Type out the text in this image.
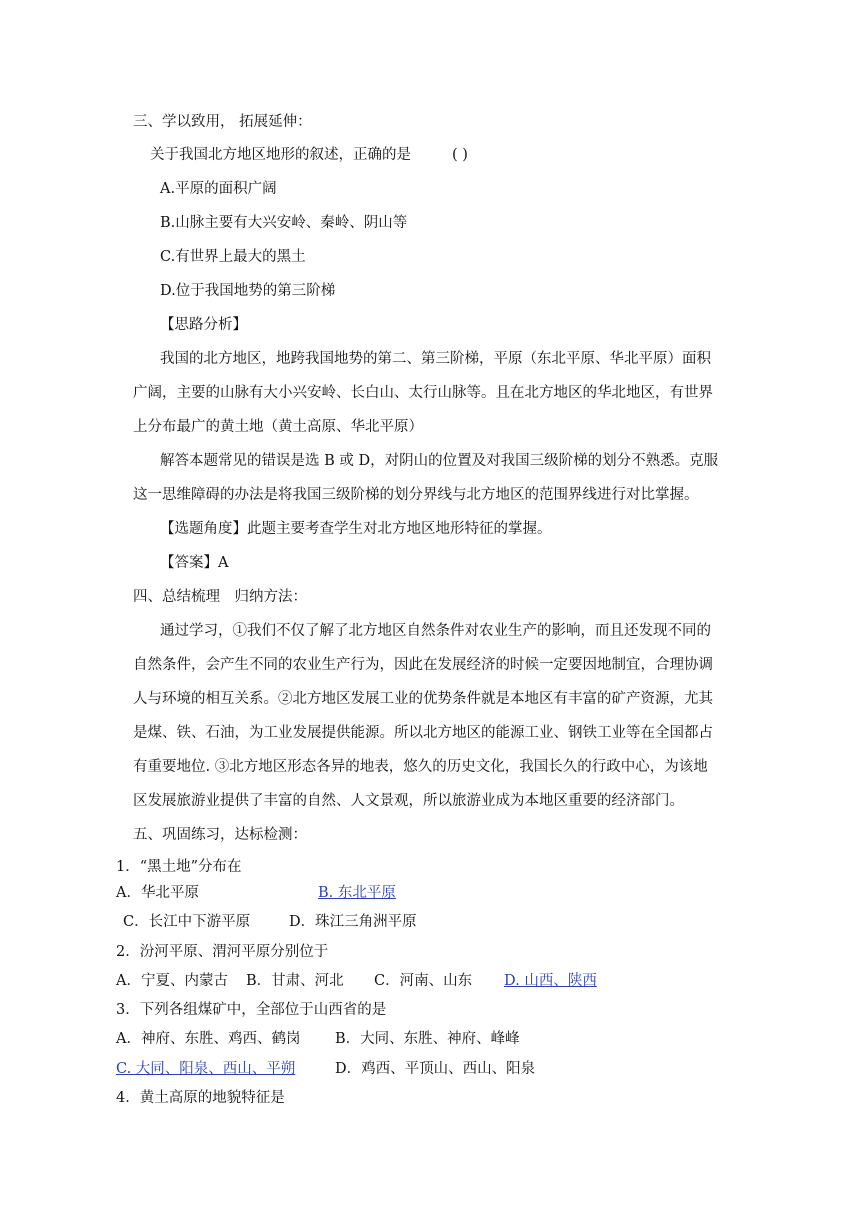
三、学以致用， 拓展延伸：
关于我国北方地区地形的叙述，正确的是	( )
A.平原的面积广阔
B.山脉主要有大兴安岭、秦岭、阴山等
C.有世界上最大的黑土
D.位于我国地势的第三阶梯
【思路分析】
我国的北方地区，地跨我国地势的第二、第三阶梯，平原（东北平原、华北平原）面积
广阔，主要的山脉有大小兴安岭、长白山、太行山脉等。且在北方地区的华北地区，有世界
上分布最广的黄土地（黄土高原、华北平原）
解答本题常见的错误是选 B 或 D，对阴山的位置及对我国三级阶梯的划分不熟悉。克服
这一思维障碍的办法是将我国三级阶梯的划分界线与北方地区的范围界线进行对比掌握。
【选题角度】此题主要考查学生对北方地区地形特征的掌握。
【答案】A
四、总结梳理　归纳方法：
通过学习，①我们不仅了解了北方地区自然条件对农业生产的影响，而且还发现不同的
自然条件，会产生不同的农业生产行为，因此在发展经济的时候一定要因地制宜，合理协调
人与环境的相互关系。②北方地区发展工业的优势条件就是本地区有丰富的矿产资源，尤其
是煤、铁、石油，为工业发展提供能源。所以北方地区的能源工业、钢铁工业等在全国都占
有重要地位. ③北方地区形态各异的地表，悠久的历史文化，我国长久的行政中心，为该地
区发展旅游业提供了丰富的自然、人文景观，所以旅游业成为本地区重要的经济部门。
五、巩固练习，达标检测：
1．“黑土地”分布在
A．华北平原	B. 东北平原
C．长江中下游平原	D．珠江三角洲平原
2．汾河平原、渭河平原分别位于
A．宁夏、内蒙古 B．甘肃、河北 C．河南、山东 D. 山西、陕西
3．下列各组煤矿中，全部位于山西省的是
A．神府、东胜、鸡西、鹤岗 B．大同、东胜、神府、峰峰
C. 大同、阳泉、西山、平朔	D．鸡西、平顶山、西山、阳泉
4．黄土高原的地貌特征是
